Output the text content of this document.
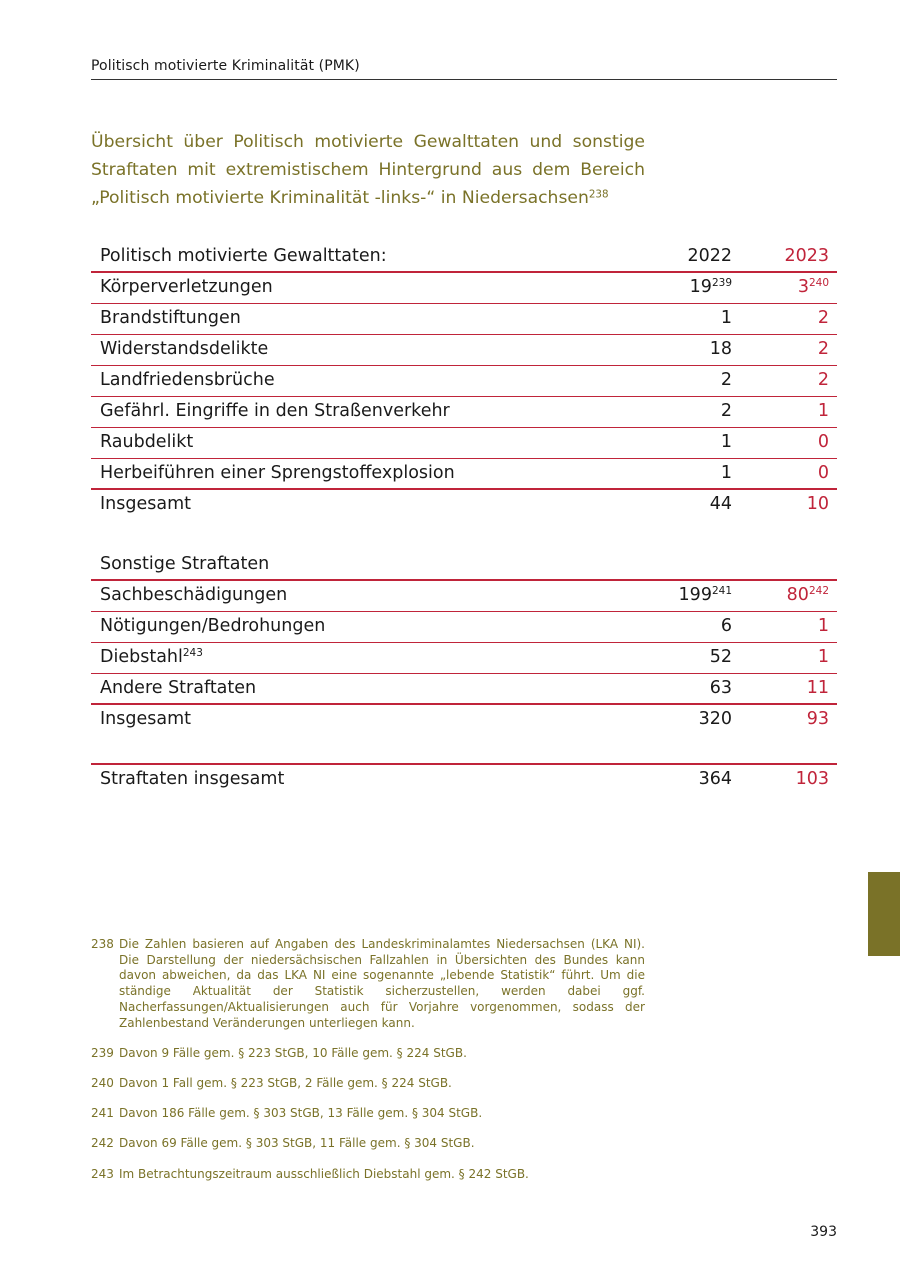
Politisch motivierte Kriminalität (PMK)
Übersicht über Politisch motivierte Gewalttaten und sonstige Straftaten mit extremistischem Hintergrund aus dem Bereich „Politisch motivierte Kriminalität -links-“ in Niedersachsen$^{238}$
Politisch motivierte Gewalttaten:	2022	2023
Körperverletzungen	$19^{239}$	$3^{240}$
Brandstiftungen	1	2
Widerstandsdelikte	18	2
Landfriedensbrüche	2	2
Gefährl. Eingriffe in den Straßenverkehr	2	1
Raubdelikt	1	0
Herbeiführen einer Sprengstoffexplosion	1	0
Insgesamt	44	10
Sonstige Straftaten
Sachbeschädigungen	$199^{241}$	$80^{242}$
Nötigungen/Bedrohungen	6	1
Diebstahl$^{243}$	52	1
Andere Straftaten	63	11
Insgesamt	320	93
Straftaten insgesamt	364	103
238 Die Zahlen basieren auf Angaben des Landeskriminalamtes Niedersachsen (LKA NI). Die Darstellung der niedersächsischen Fallzahlen in Übersichten des Bundes kann davon abweichen, da das LKA NI eine sogenannte „lebende Statistik“ führt. Um die ständige Aktualität der Statistik sicherzustellen, werden dabei ggf. Nacherfassungen/Aktualisierungen auch für Vorjahre vorgenommen, sodass der Zahlenbestand Veränderungen unterliegen kann.
239 Davon 9 Fälle gem. § 223 StGB, 10 Fälle gem. § 224 StGB.
240 Davon 1 Fall gem. § 223 StGB, 2 Fälle gem. § 224 StGB.
241 Davon 186 Fälle gem. § 303 StGB, 13 Fälle gem. § 304 StGB.
242 Davon 69 Fälle gem. § 303 StGB, 11 Fälle gem. § 304 StGB.
243 Im Betrachtungszeitraum ausschließlich Diebstahl gem. § 242 StGB.
393
